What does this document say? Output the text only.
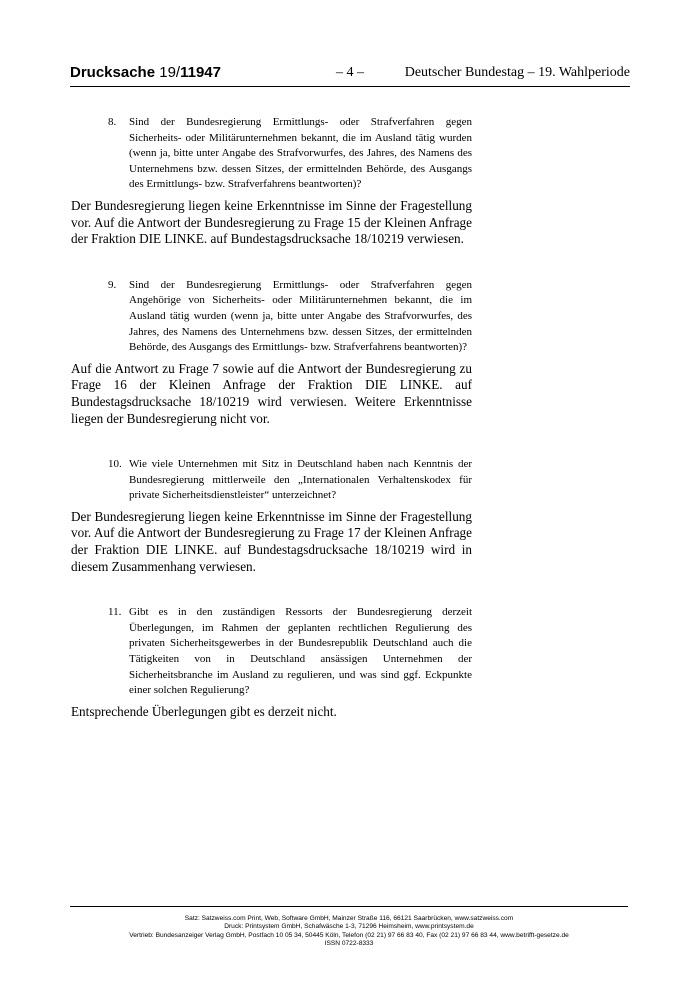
Drucksache 19/11947	– 4 –	Deutscher Bundestag – 19. Wahlperiode
8. Sind der Bundesregierung Ermittlungs- oder Strafverfahren gegen Sicherheits- oder Militärunternehmen bekannt, die im Ausland tätig wurden (wenn ja, bitte unter Angabe des Strafvorwurfes, des Jahres, des Namens des Unternehmens bzw. dessen Sitzes, der ermittelnden Behörde, des Ausgangs des Ermittlungs- bzw. Strafverfahrens beantworten)?
Der Bundesregierung liegen keine Erkenntnisse im Sinne der Fragestellung vor. Auf die Antwort der Bundesregierung zu Frage 15 der Kleinen Anfrage der Fraktion DIE LINKE. auf Bundestagsdrucksache 18/10219 verwiesen.
9. Sind der Bundesregierung Ermittlungs- oder Strafverfahren gegen Angehörige von Sicherheits- oder Militärunternehmen bekannt, die im Ausland tätig wurden (wenn ja, bitte unter Angabe des Strafvorwurfes, des Jahres, des Namens des Unternehmens bzw. dessen Sitzes, der ermittelnden Behörde, des Ausgangs des Ermittlungs- bzw. Strafverfahrens beantworten)?
Auf die Antwort zu Frage 7 sowie auf die Antwort der Bundesregierung zu Frage 16 der Kleinen Anfrage der Fraktion DIE LINKE. auf Bundestagsdrucksache 18/10219 wird verwiesen. Weitere Erkenntnisse liegen der Bundesregierung nicht vor.
10. Wie viele Unternehmen mit Sitz in Deutschland haben nach Kenntnis der Bundesregierung mittlerweile den „Internationalen Verhaltenskodex für private Sicherheitsdienstleister“ unterzeichnet?
Der Bundesregierung liegen keine Erkenntnisse im Sinne der Fragestellung vor. Auf die Antwort der Bundesregierung zu Frage 17 der Kleinen Anfrage der Fraktion DIE LINKE. auf Bundestagsdrucksache 18/10219 wird in diesem Zusammenhang verwiesen.
11. Gibt es in den zuständigen Ressorts der Bundesregierung derzeit Überlegungen, im Rahmen der geplanten rechtlichen Regulierung des privaten Sicherheitsgewerbes in der Bundesrepublik Deutschland auch die Tätigkeiten von in Deutschland ansässigen Unternehmen der Sicherheitsbranche im Ausland zu regulieren, und was sind ggf. Eckpunkte einer solchen Regulierung?
Entsprechende Überlegungen gibt es derzeit nicht.
Satz: Satzweiss.com Print, Web, Software GmbH, Mainzer Straße 116, 66121 Saarbrücken, www.satzweiss.com
Druck: Printsystem GmbH, Schafwäsche 1-3, 71296 Heimsheim, www.printsystem.de
Vertrieb: Bundesanzeiger Verlag GmbH, Postfach 10 05 34, 50445 Köln, Telefon (02 21) 97 66 83 40, Fax (02 21) 97 66 83 44, www.betrifft-gesetze.de
ISSN 0722-8333
